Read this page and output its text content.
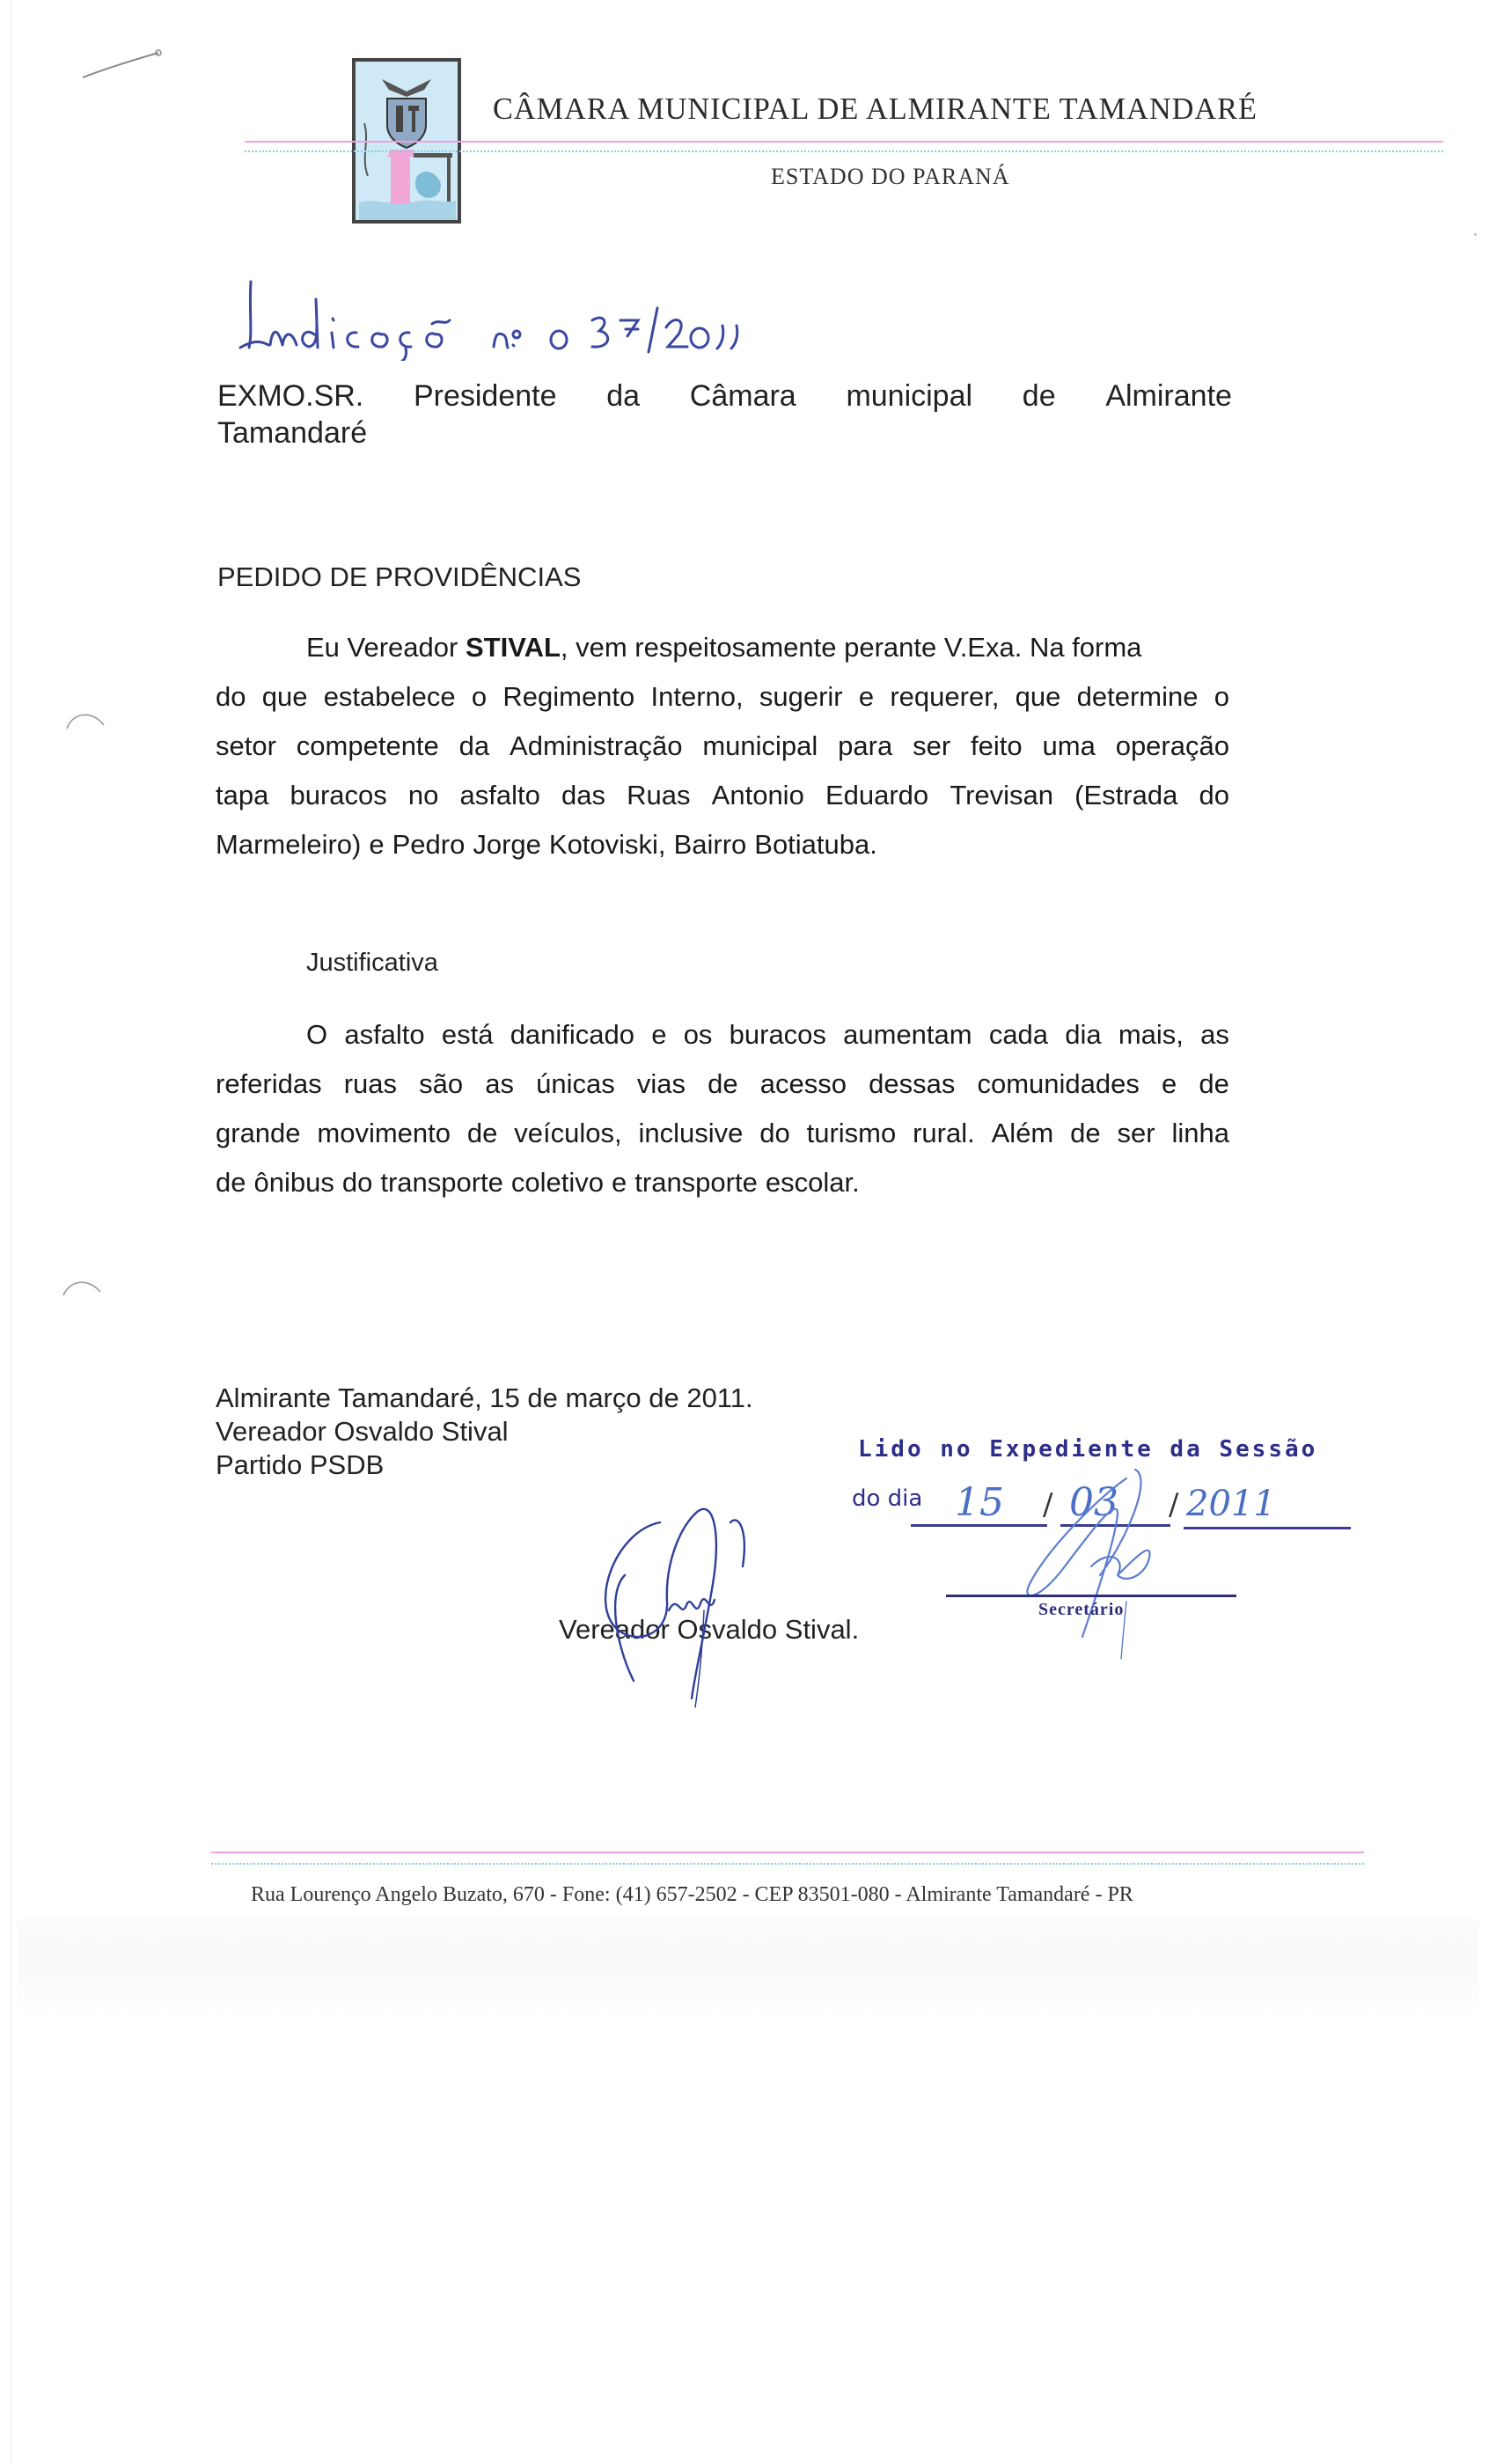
CÂMARA MUNICIPAL DE ALMIRANTE TAMANDARÉ
ESTADO DO PARANÁ
EXMO.SR. Presidente da Câmara municipal de Almirante
Tamandaré
PEDIDO DE PROVIDÊNCIAS
Eu Vereador STIVAL, vem respeitosamente perante V.Exa. Na forma
do que estabelece o Regimento Interno, sugerir e requerer, que determine o
setor competente da Administração municipal para ser feito uma operação
tapa buracos no asfalto das Ruas Antonio Eduardo Trevisan (Estrada do
Marmeleiro) e Pedro Jorge Kotoviski, Bairro Botiatuba.
Justificativa
O asfalto está danificado e os buracos aumentam cada dia mais, as
referidas ruas são as únicas vias de acesso dessas comunidades e de
grande movimento de veículos, inclusive do turismo rural. Além de ser linha
de ônibus do transporte coletivo e transporte escolar.
Almirante Tamandaré, 15 de março de 2011.
Vereador Osvaldo Stival
Partido PSDB
Vereador Osvaldo Stival.
Lido no Expediente da Sessão
do dia 15 / 03 / 2011
Secretário
Rua Lourenço Angelo Buzato, 670 - Fone: (41) 657-2502 - CEP 83501-080 - Almirante Tamandaré - PR
